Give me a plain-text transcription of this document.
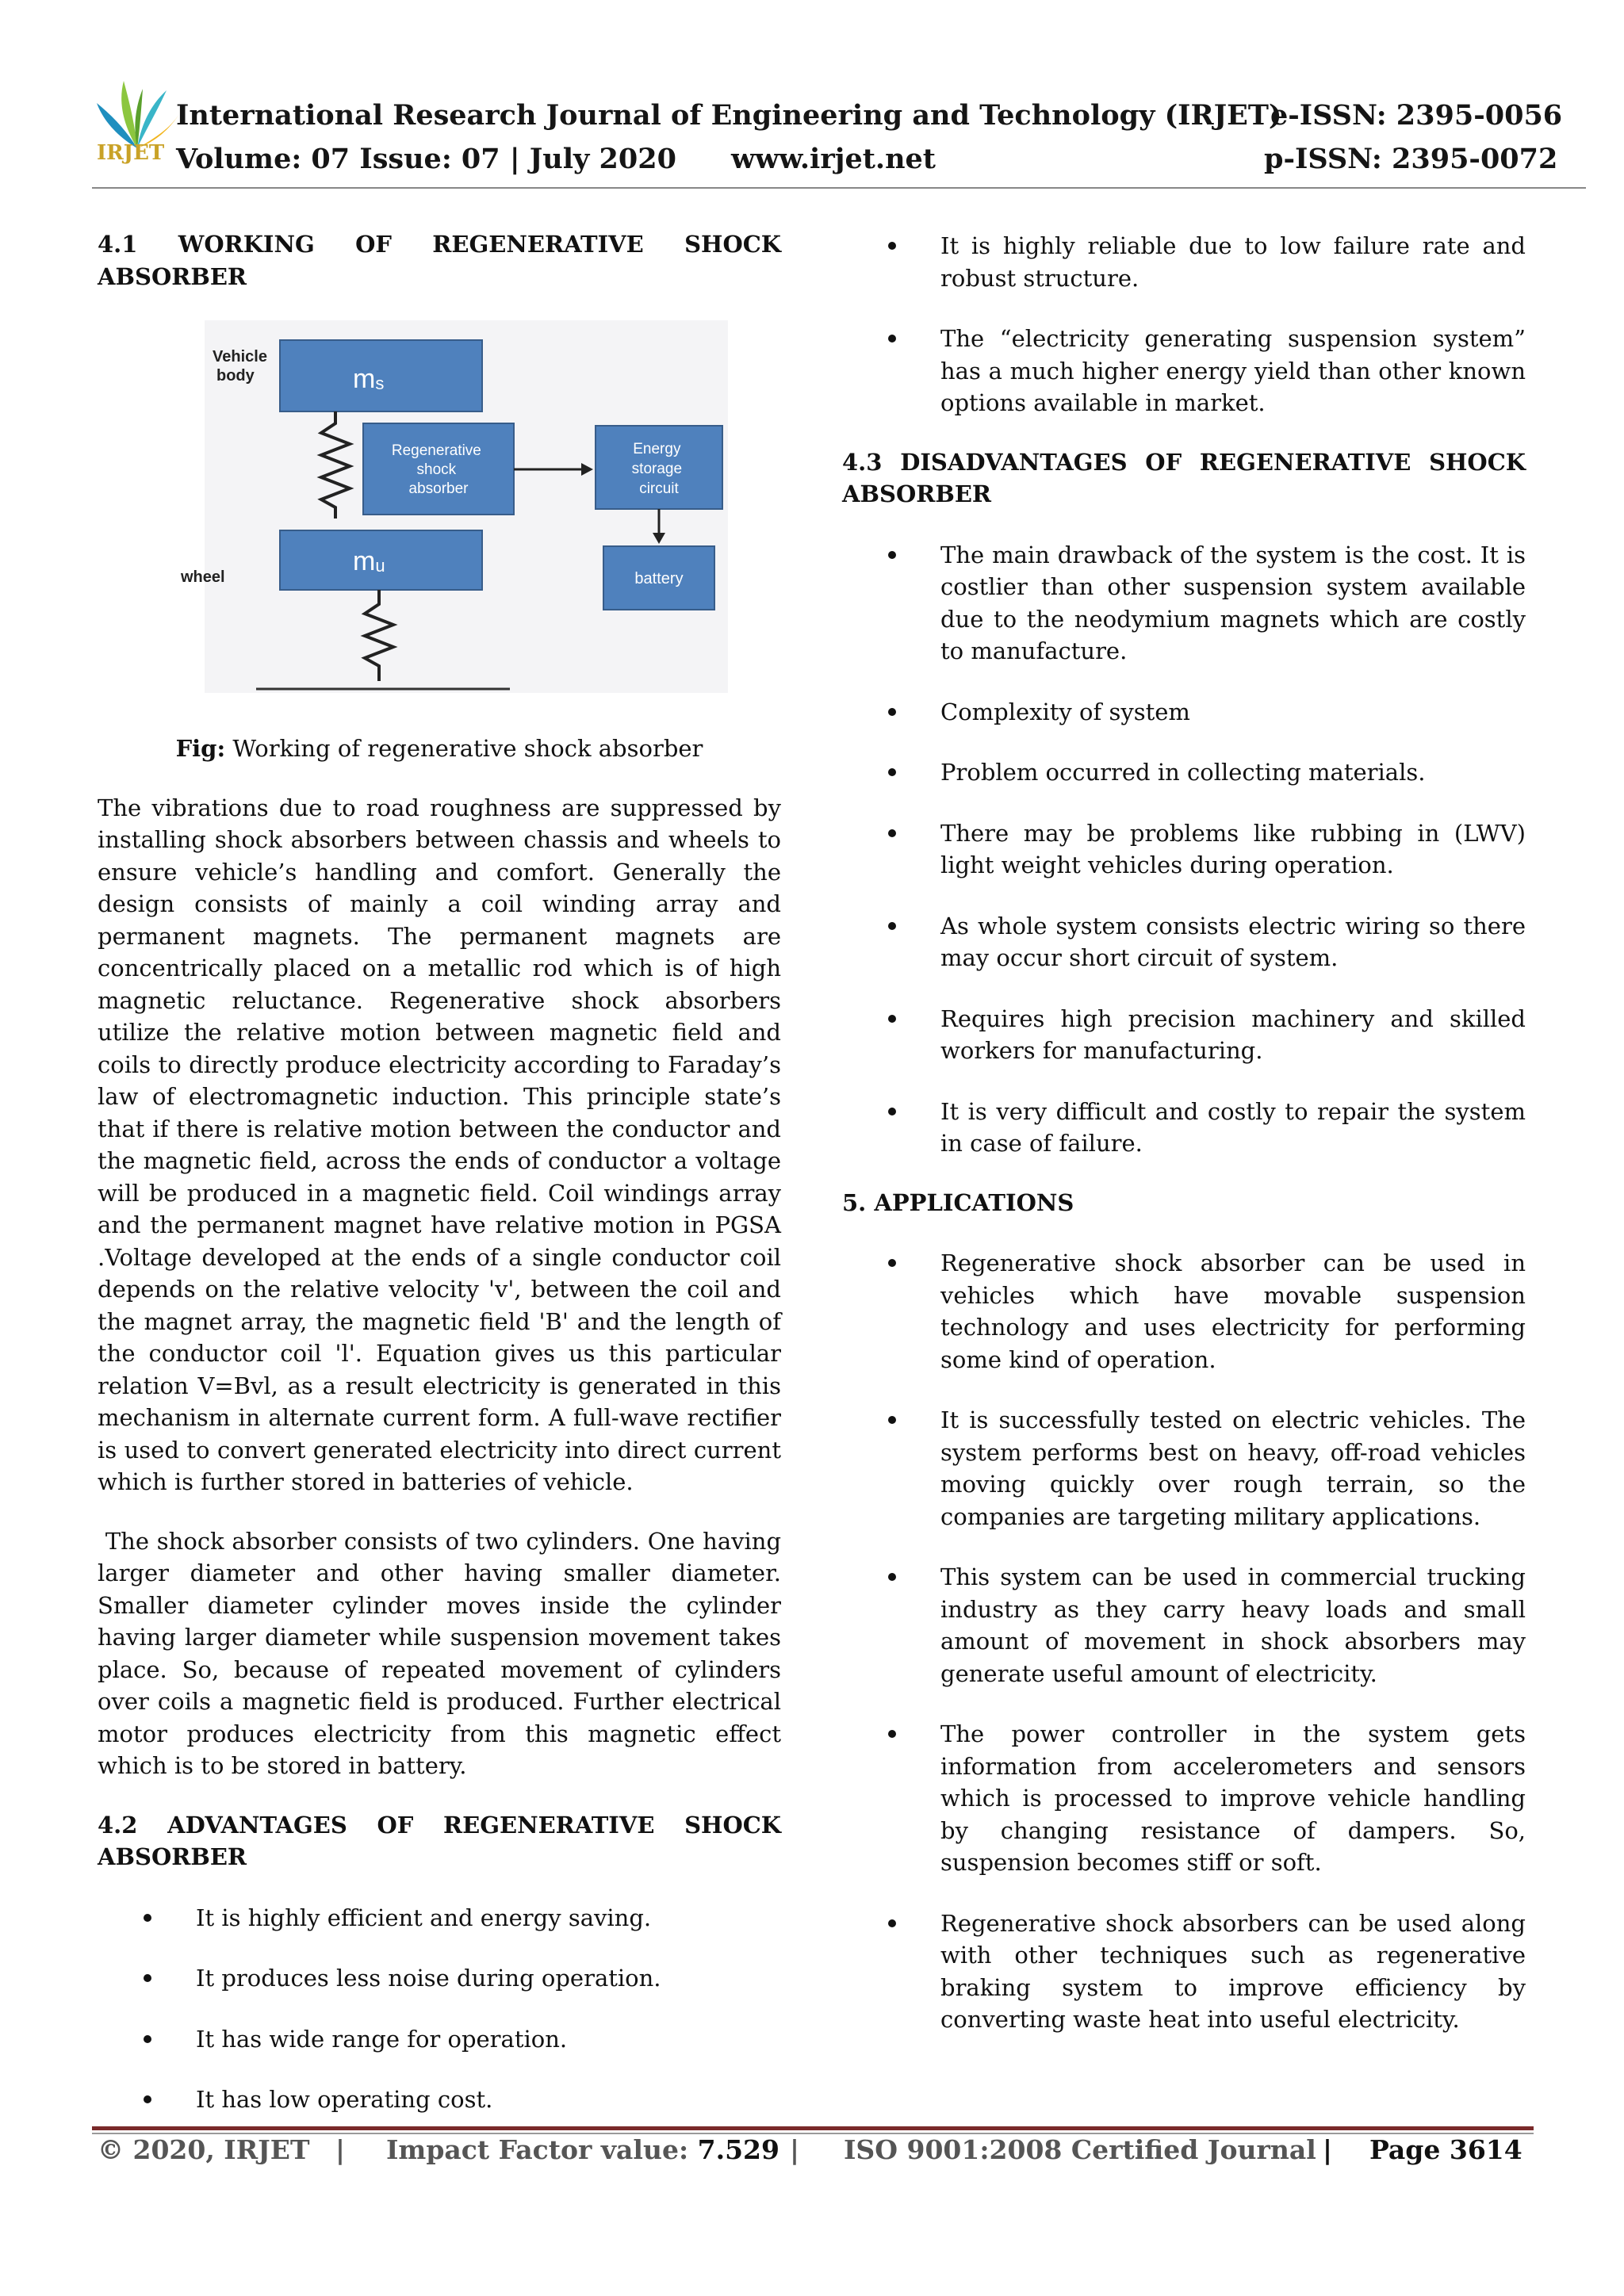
IRJET
International Research Journal of Engineering and Technology (IRJET)
e-ISSN: 2395-0056
Volume: 07 Issue: 07 | July 2020 www.irjet.net	p-ISSN: 2395-0072
4.1 WORKING OF REGENERATIVE SHOCK ABSORBER
Vehicle body	ms
Regenerative shock absorber
Energy storage circuit
battery
wheel
mu
Fig: Working of regenerative shock absorber

The vibrations due to road roughness are suppressed by installing shock absorbers between chassis and wheels to ensure vehicle’s handling and comfort. Generally the design consists of mainly a coil winding array and permanent magnets. The permanent magnets are concentrically placed on a metallic rod which is of high magnetic reluctance. Regenerative shock absorbers utilize the relative motion between magnetic field and coils to directly produce electricity according to Faraday’s law of electromagnetic induction. This principle state’s that if there is relative motion between the conductor and the magnetic field, across the ends of conductor a voltage will be produced in a magnetic field. Coil windings array and the permanent magnet have relative motion in PGSA .Voltage developed at the ends of a single conductor coil depends on the relative velocity 'v', between the coil and the magnet array, the magnetic field 'B' and the length of the conductor coil 'l'. Equation gives us this particular relation V=Bvl, as a result electricity is generated in this mechanism in alternate current form. A full-wave rectifier is used to convert generated electricity into direct current which is further stored in batteries of vehicle.

The shock absorber consists of two cylinders. One having larger diameter and other having smaller diameter. Smaller diameter cylinder moves inside the cylinder having larger diameter while suspension movement takes place. So, because of repeated movement of cylinders over coils a magnetic field is produced. Further electrical motor produces electricity from this magnetic effect which is to be stored in battery.

4.2 ADVANTAGES OF REGENERATIVE SHOCK ABSORBER
It is highly efficient and energy saving.
It produces less noise during operation.
It has wide range for operation.
It has low operating cost.
It is highly reliable due to low failure rate and robust structure.
The “electricity generating suspension system” has a much higher energy yield than other known options available in market.
4.3 DISADVANTAGES OF REGENERATIVE SHOCK ABSORBER
The main drawback of the system is the cost. It is costlier than other suspension system available due to the neodymium magnets which are costly to manufacture.
Complexity of system
Problem occurred in collecting materials.
There may be problems like rubbing in (LWV) light weight vehicles during operation.
As whole system consists electric wiring so there may occur short circuit of system.
Requires high precision machinery and skilled workers for manufacturing.
It is very difficult and costly to repair the system in case of failure.
5. APPLICATIONS
Regenerative shock absorber can be used in vehicles which have movable suspension technology and uses electricity for performing some kind of operation.
It is successfully tested on electric vehicles. The system performs best on heavy, off-road vehicles moving quickly over rough terrain, so the companies are targeting military applications.
This system can be used in commercial trucking industry as they carry heavy loads and small amount of movement in shock absorbers may generate useful amount of electricity.
The power controller in the system gets information from accelerometers and sensors which is processed to improve vehicle handling by changing resistance of dampers. So, suspension becomes stiff or soft.
Regenerative shock absorbers can be used along with other techniques such as regenerative braking system to improve efficiency by converting waste heat into useful electricity.
© 2020, IRJET | Impact Factor value: 7.529 | ISO 9001:2008 Certified Journal | Page 3614
